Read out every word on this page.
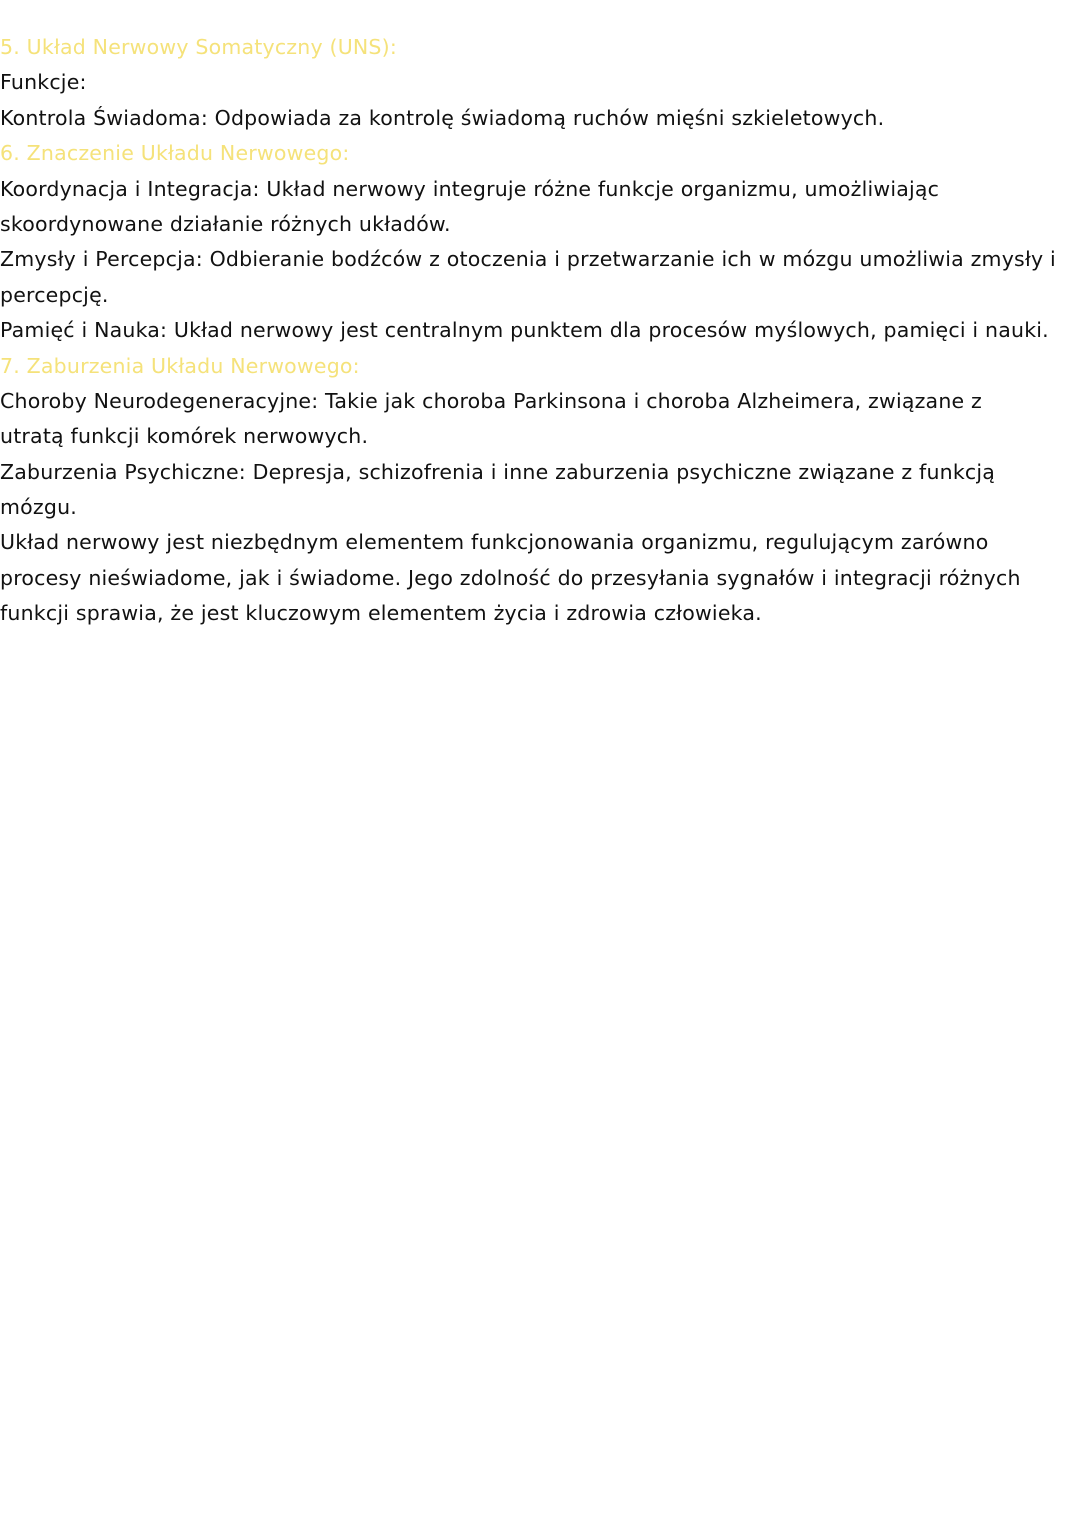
5. Układ Nerwowy Somatyczny (UNS):
Funkcje:
Kontrola Świadoma: Odpowiada za kontrolę świadomą ruchów mięśni szkieletowych.
6. Znaczenie Układu Nerwowego:
Koordynacja i Integracja: Układ nerwowy integruje różne funkcje organizmu, umożliwiając
skoordynowane działanie różnych układów.
Zmysły i Percepcja: Odbieranie bodźców z otoczenia i przetwarzanie ich w mózgu umożliwia zmysły i
percepcję.
Pamięć i Nauka: Układ nerwowy jest centralnym punktem dla procesów myślowych, pamięci i nauki.
7. Zaburzenia Układu Nerwowego:
Choroby Neurodegeneracyjne: Takie jak choroba Parkinsona i choroba Alzheimera, związane z
utratą funkcji komórek nerwowych.
Zaburzenia Psychiczne: Depresja, schizofrenia i inne zaburzenia psychiczne związane z funkcją
mózgu.
Układ nerwowy jest niezbędnym elementem funkcjonowania organizmu, regulującym zarówno
procesy nieświadome, jak i świadome. Jego zdolność do przesyłania sygnałów i integracji różnych
funkcji sprawia, że jest kluczowym elementem życia i zdrowia człowieka.
